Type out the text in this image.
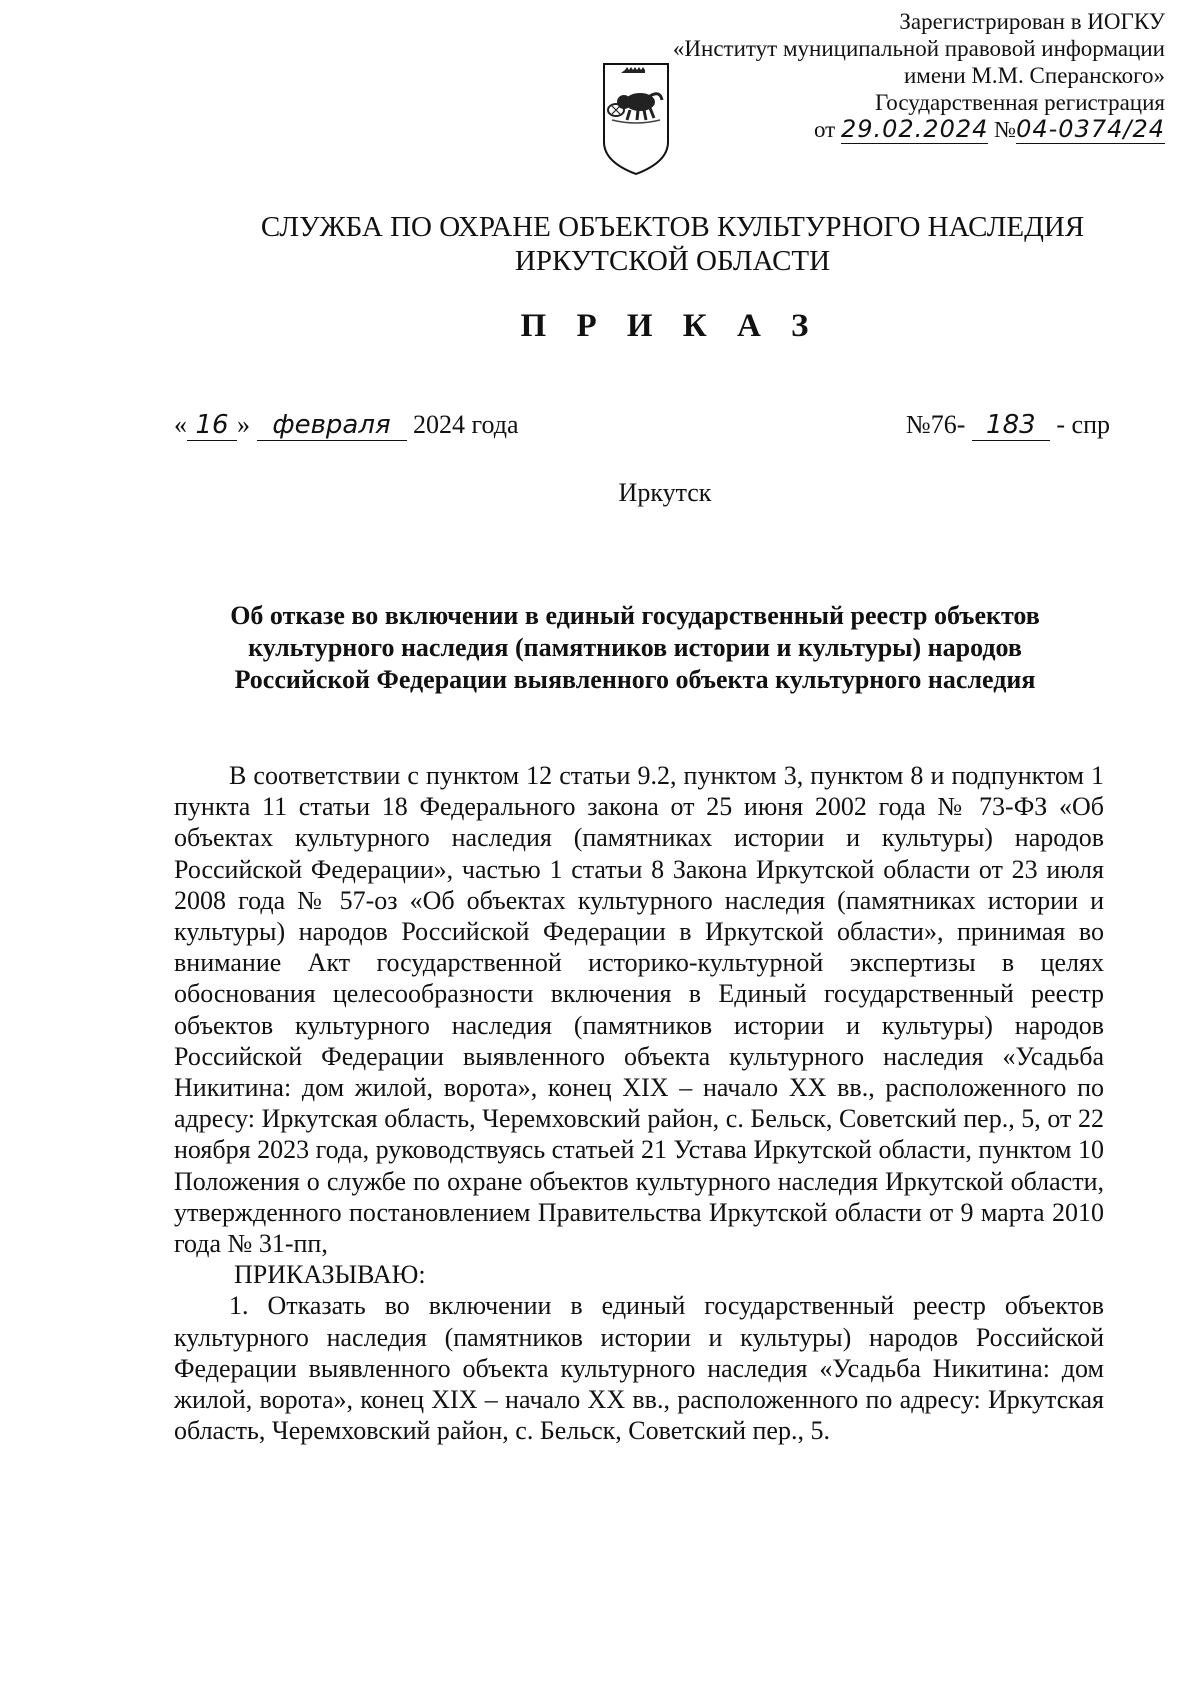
Зарегистрирован в ИОГКУ
«Институт муниципальной правовой информации
имени М.М. Сперанского»
Государственная регистрация
от 29.02.2024 №04-0374/24
СЛУЖБА ПО ОХРАНЕ ОБЪЕКТОВ КУЛЬТУРНОГО НАСЛЕДИЯ
ИРКУТСКОЙ ОБЛАСТИ
П Р И К А З
« 16 » февраля 2024 года	№76- 183 - спр
Иркутск
Об отказе во включении в единый государственный реестр объектов
культурного наследия (памятников истории и культуры) народов
Российской Федерации выявленного объекта культурного наследия

В соответствии с пунктом 12 статьи 9.2, пунктом 3, пунктом 8 и подпунктом 1 пункта 11 статьи 18 Федерального закона от 25 июня 2002 года № 73-ФЗ «Об объектах культурного наследия (памятниках истории и культуры) народов Российской Федерации», частью 1 статьи 8 Закона Иркутской области от 23 июля 2008 года № 57-оз «Об объектах культурного наследия (памятниках истории и культуры) народов Российской Федерации в Иркутской области», принимая во внимание Акт государственной историко-культурной экспертизы в целях обоснования целесообразности включения в Единый государственный реестр объектов культурного наследия (памятников истории и культуры) народов Российской Федерации выявленного объекта культурного наследия «Усадьба Никитина: дом жилой, ворота», конец XIX – начало XX вв., расположенного по адресу: Иркутская область, Черемховский район, с. Бельск, Советский пер., 5, от 22 ноября 2023 года, руководствуясь статьей 21 Устава Иркутской области, пунктом 10 Положения о службе по охране объектов культурного наследия Иркутской области, утвержденного постановлением Правительства Иркутской области от 9 марта 2010 года № 31-пп,

ПРИКАЗЫВАЮ:

1. Отказать во включении в единый государственный реестр объектов культурного наследия (памятников истории и культуры) народов Российской Федерации выявленного объекта культурного наследия «Усадьба Никитина: дом жилой, ворота», конец XIX – начало XX вв., расположенного по адресу: Иркутская область, Черемховский район, с. Бельск, Советский пер., 5.
